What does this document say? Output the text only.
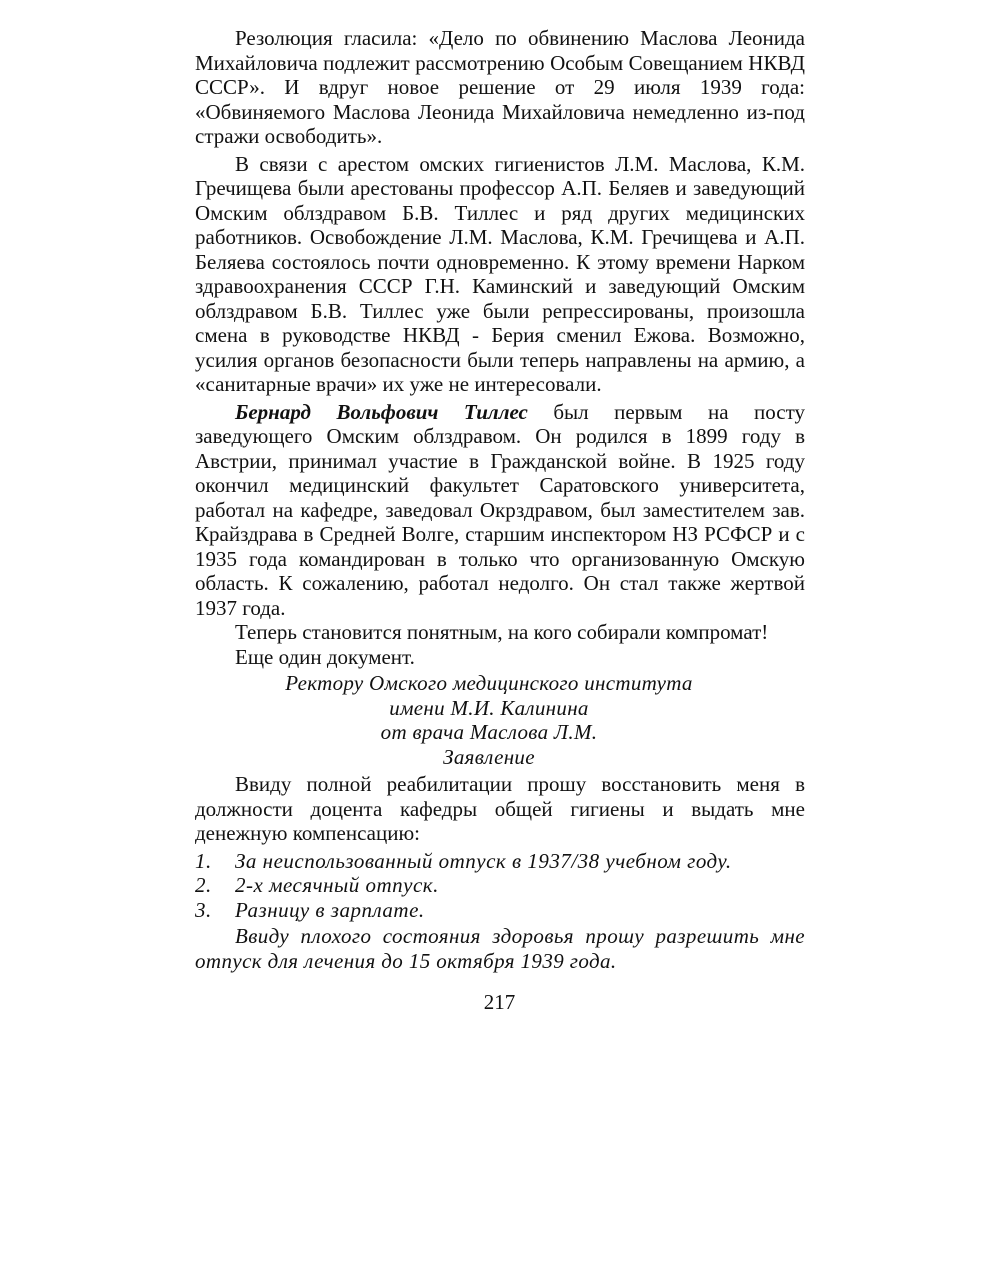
Резолюция гласила: «Дело по обвинению Маслова Леонида Михайловича подлежит рассмотрению Особым Совещанием НКВД СССР». И вдруг новое решение от 29 июля 1939 года: «Обвиняемого Маслова Леонида Михайловича немедленно из-под стражи освободить».

В связи с арестом омских гигиенистов Л.М. Маслова, К.М. Гречищева были арестованы профессор А.П. Беляев и заведующий Омским облздравом Б.В. Тиллес и ряд других медицинских работников. Освобождение Л.М. Маслова, К.М. Гречищева и А.П. Беляева состоялось почти одновременно. К этому времени Нарком здравоохранения СССР Г.Н. Каминский и заведующий Омским облздравом Б.В. Тиллес уже были репрессированы, произошла смена в руководстве НКВД - Берия сменил Ежова. Возможно, усилия органов безопасности были теперь направлены на армию, а «санитарные врачи» их уже не интересовали.

Бернард Вольфович Тиллес был первым на посту заведующего Омским облздравом. Он родился в 1899 году в Австрии, принимал участие в Гражданской войне. В 1925 году окончил медицинский факультет Саратовского университета, работал на кафедре, заведовал Окрздравом, был заместителем зав. Крайздрава в Средней Волге, старшим инспектором НЗ РСФСР и с 1935 года командирован в только что организованную Омскую область. К сожалению, работал недолго. Он стал также жертвой 1937 года.

Теперь становится понятным, на кого собирали компромат!

Еще один документ.

Ректору Омского медицинского института

имени М.И. Калинина

от врача Маслова Л.М.

Заявление

Ввиду полной реабилитации прошу восстановить меня в должности доцента кафедры общей гигиены и выдать мне денежную компенсацию:

1.	За неиспользованный отпуск в 1937/38 учебном году.
2.	2-х месячный отпуск.
3.	Разницу в зарплате.

Ввиду плохого состояния здоровья прошу разрешить мне отпуск для лечения до 15 октября 1939 года.

217
